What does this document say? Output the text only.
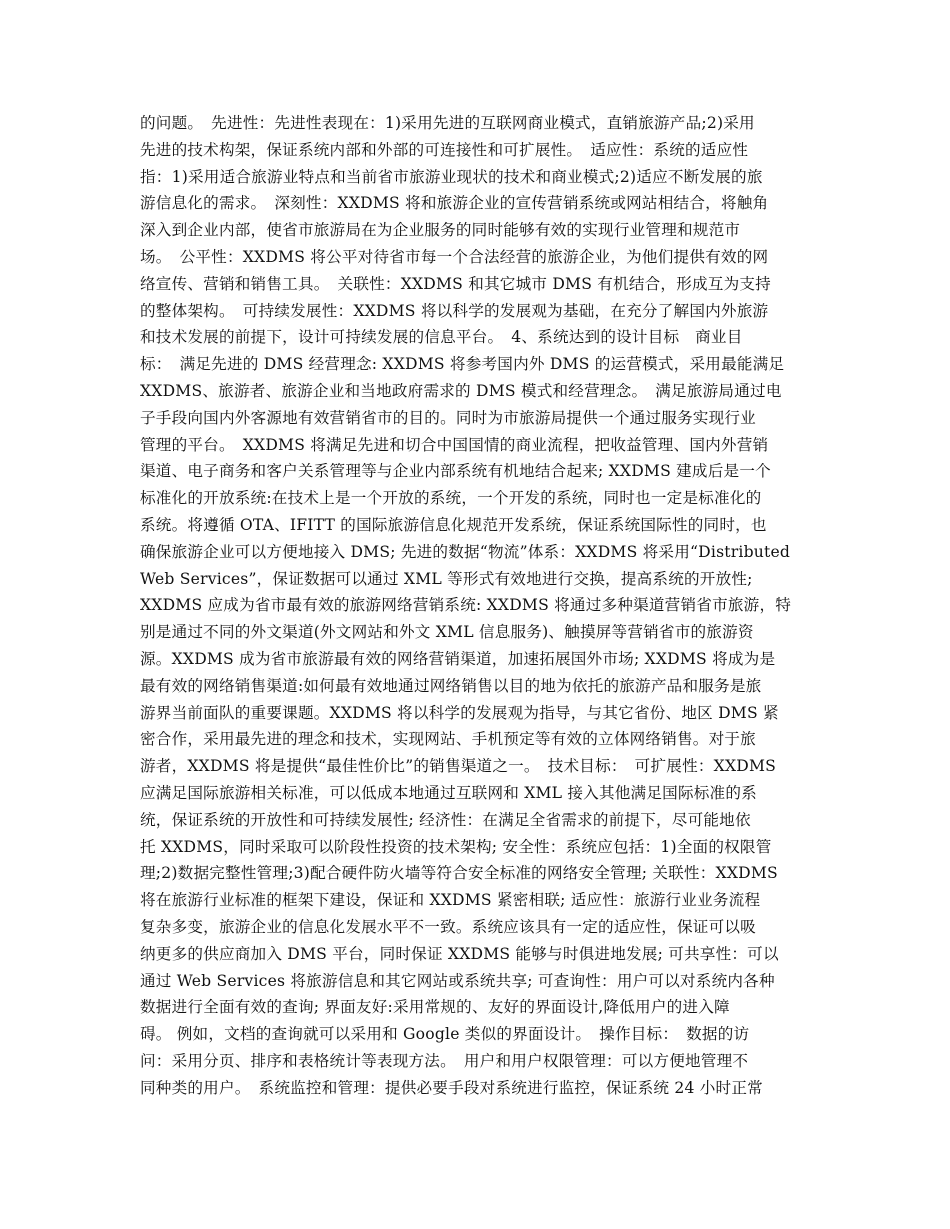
的问题。　先进性：先进性表现在：1)采用先进的互联网商业模式，直销旅游产品;2)采用
先进的技术构架，保证系统内部和外部的可连接性和可扩展性。　适应性：系统的适应性
指：1)采用适合旅游业特点和当前省市旅游业现状的技术和商业模式;2)适应不断发展的旅
游信息化的需求。　深刻性：XXDMS 将和旅游企业的宣传营销系统或网站相结合，将触角
深入到企业内部，使省市旅游局在为企业服务的同时能够有效的实现行业管理和规范市
场。　公平性：XXDMS 将公平对待省市每一个合法经营的旅游企业，为他们提供有效的网
络宣传、营销和销售工具。　关联性：XXDMS 和其它城市 DMS 有机结合，形成互为支持
的整体架构。　可持续发展性：XXDMS 将以科学的发展观为基础，在充分了解国内外旅游
和技术发展的前提下，设计可持续发展的信息平台。　4、系统达到的设计目标　商业目
标：　满足先进的 DMS 经营理念: XXDMS 将参考国内外 DMS 的运营模式，采用最能满足
XXDMS、旅游者、旅游企业和当地政府需求的 DMS 模式和经营理念。　满足旅游局通过电
子手段向国内外客源地有效营销省市的目的。同时为市旅游局提供一个通过服务实现行业
管理的平台。　XXDMS 将满足先进和切合中国国情的商业流程，把收益管理、国内外营销
渠道、电子商务和客户关系管理等与企业内部系统有机地结合起来; XXDMS 建成后是一个
标准化的开放系统:在技术上是一个开放的系统，一个开发的系统，同时也一定是标准化的
系统。将遵循 OTA、IFITT 的国际旅游信息化规范开发系统，保证系统国际性的同时，也
确保旅游企业可以方便地接入 DMS; 先进的数据“物流”体系：XXDMS 将采用“Distributed
Web Services”，保证数据可以通过 XML 等形式有效地进行交换，提高系统的开放性;
XXDMS 应成为省市最有效的旅游网络营销系统: XXDMS 将通过多种渠道营销省市旅游，特
别是通过不同的外文渠道(外文网站和外文 XML 信息服务)、触摸屏等营销省市的旅游资
源。XXDMS 成为省市旅游最有效的网络营销渠道，加速拓展国外市场; XXDMS 将成为是
最有效的网络销售渠道:如何最有效地通过网络销售以目的地为依托的旅游产品和服务是旅
游界当前面队的重要课题。XXDMS 将以科学的发展观为指导，与其它省份、地区 DMS 紧
密合作，采用最先进的理念和技术，实现网站、手机预定等有效的立体网络销售。对于旅
游者，XXDMS 将是提供“最佳性价比”的销售渠道之一。　技术目标：　可扩展性：XXDMS
应满足国际旅游相关标准，可以低成本地通过互联网和 XML 接入其他满足国际标准的系
统，保证系统的开放性和可持续发展性; 经济性：在满足全省需求的前提下，尽可能地依
托 XXDMS，同时采取可以阶段性投资的技术架构; 安全性：系统应包括：1)全面的权限管
理;2)数据完整性管理;3)配合硬件防火墙等符合安全标准的网络安全管理; 关联性：XXDMS
将在旅游行业标准的框架下建设，保证和 XXDMS 紧密相联; 适应性：旅游行业业务流程
复杂多变，旅游企业的信息化发展水平不一致。系统应该具有一定的适应性，保证可以吸
纳更多的供应商加入 DMS 平台，同时保证 XXDMS 能够与时俱进地发展; 可共享性：可以
通过 Web Services 将旅游信息和其它网站或系统共享; 可查询性：用户可以对系统内各种
数据进行全面有效的查询; 界面友好:采用常规的、友好的界面设计,降低用户的进入障
碍。 例如，文档的查询就可以采用和 Google 类似的界面设计。　操作目标：　数据的访
问：采用分页、排序和表格统计等表现方法。　用户和用户权限管理：可以方便地管理不
同种类的用户。　系统监控和管理：提供必要手段对系统进行监控，保证系统 24 小时正常
